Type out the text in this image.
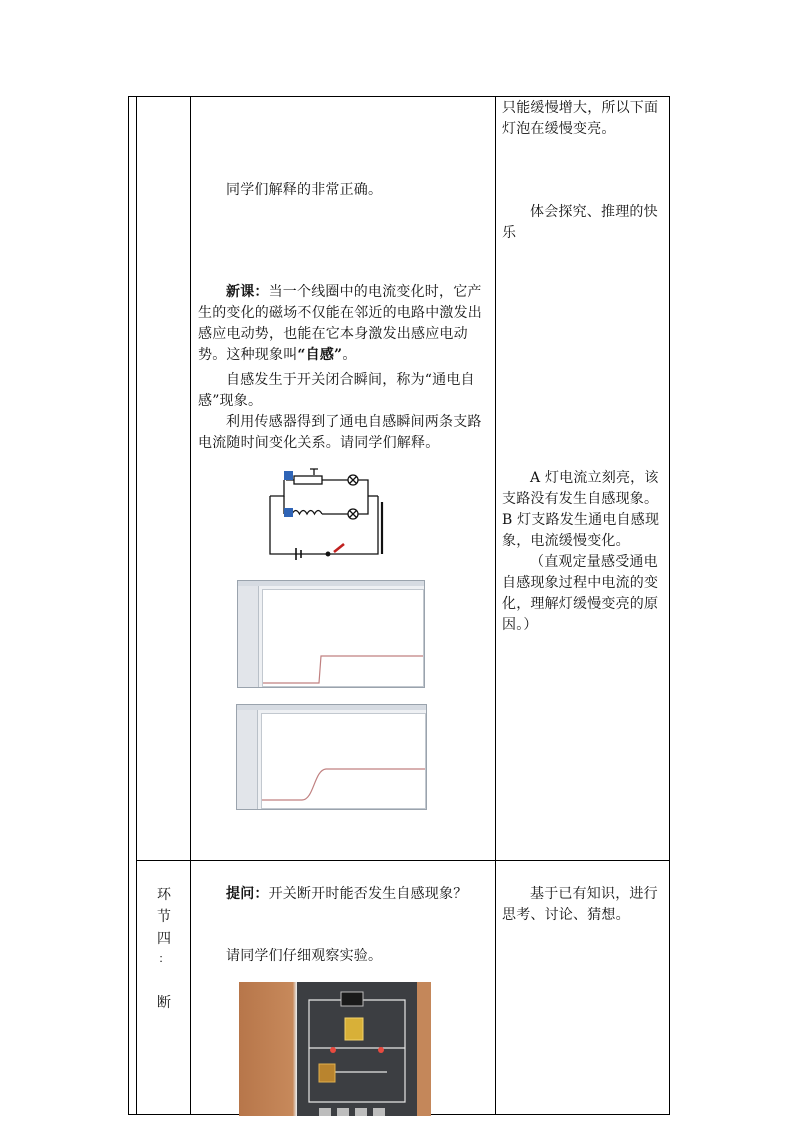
只能缓慢增大，所以下面
灯泡在缓慢变亮。
体会探究、推理的快
乐
A 灯电流立刻亮，该
支路没有发生自感现象。
B 灯支路发生通电自感现
象，电流缓慢变化。
（直观定量感受通电
自感现象过程中电流的变
化，理解灯缓慢变亮的原
因。）
同学们解释的非常正确。
新课：当一个线圈中的电流变化时，它产
生的变化的磁场不仅能在邻近的电路中激发出
感应电动势，也能在它本身激发出感应电动
势。这种现象叫“自感”。
自感发生于开关闭合瞬间，称为“通电自
感”现象。
利用传感器得到了通电自感瞬间两条支路
电流随时间变化关系。请同学们解释。
环
节
四
：
断
提问：开关断开时能否发生自感现象？
请同学们仔细观察实验。
基于已有知识，进行
思考、讨论、猜想。
